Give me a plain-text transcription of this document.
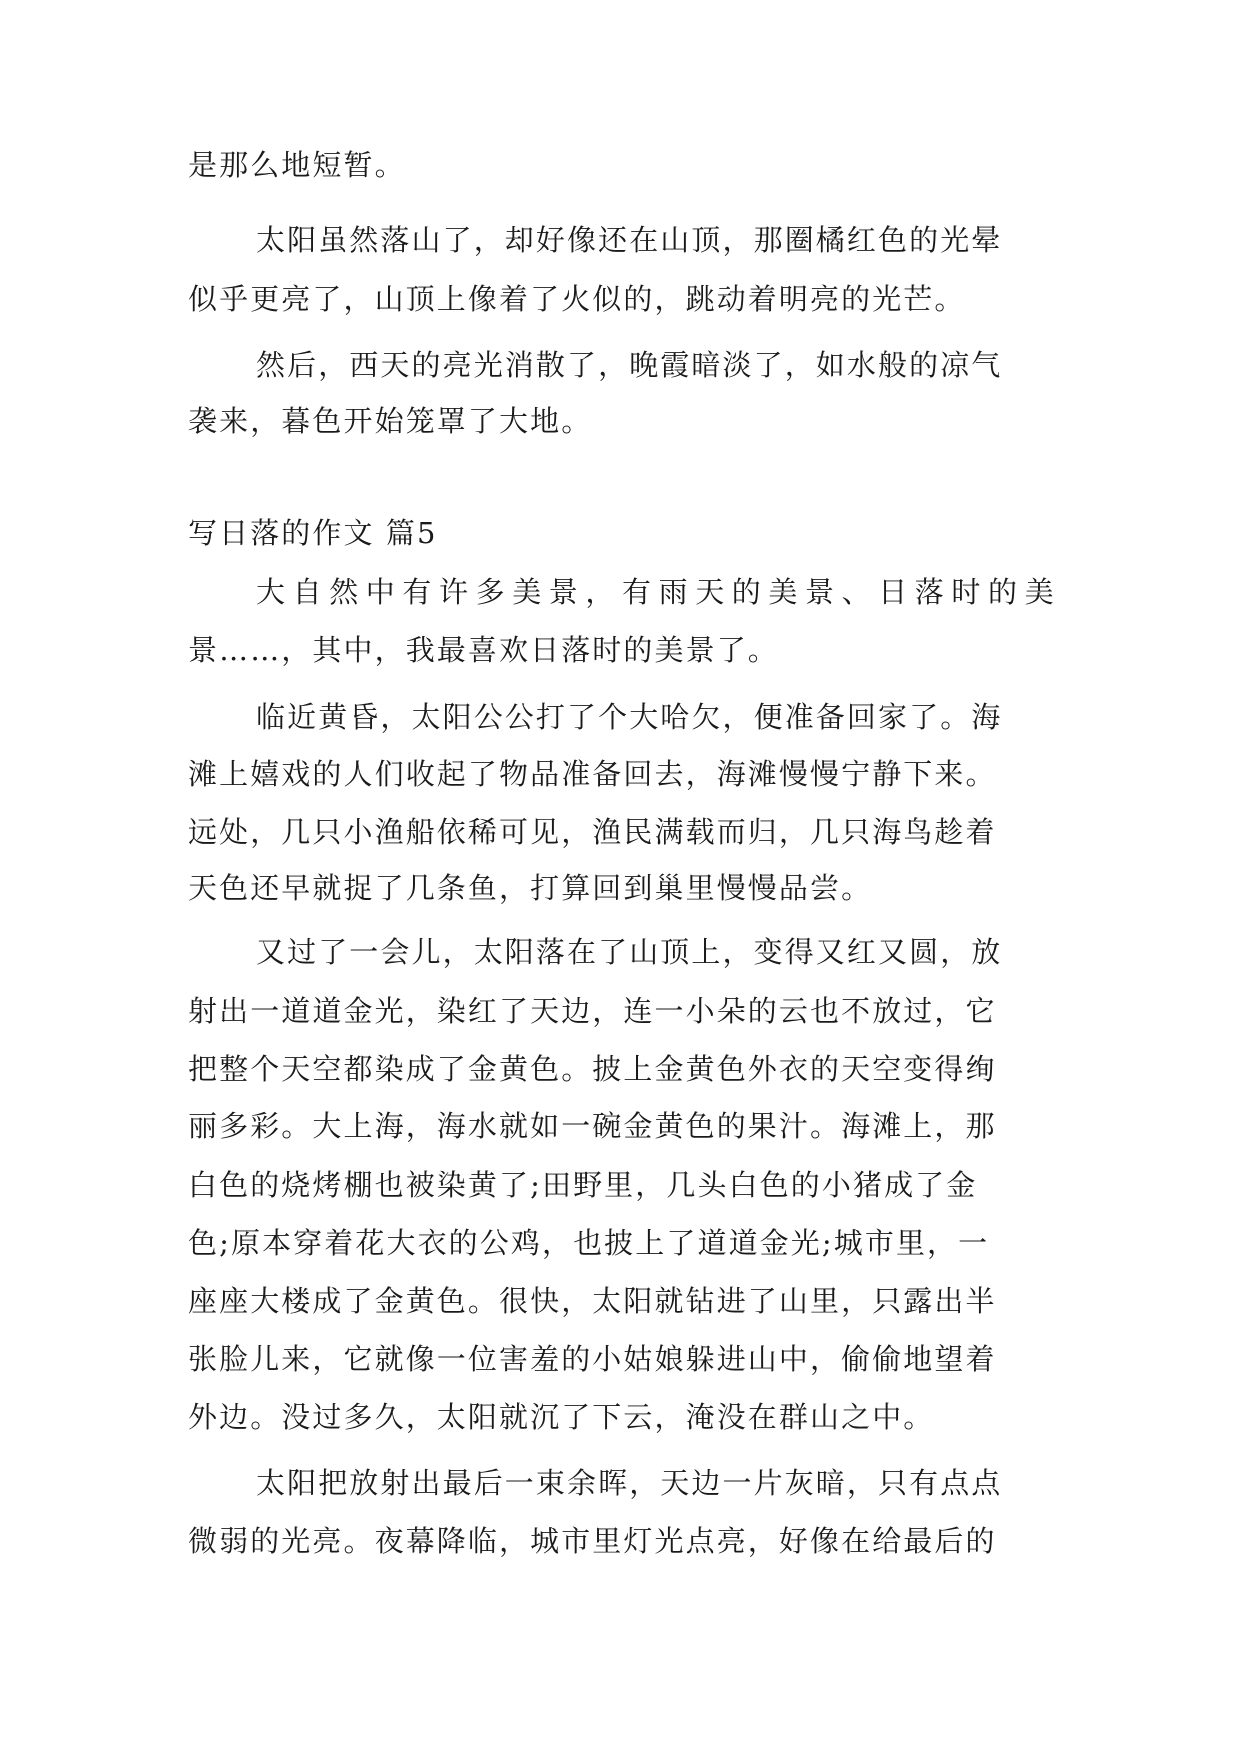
是那么地短暂。
太阳虽然落山了，却好像还在山顶，那圈橘红色的光晕
似乎更亮了，山顶上像着了火似的，跳动着明亮的光芒。
然后，西天的亮光消散了，晚霞暗淡了，如水般的凉气
袭来，暮色开始笼罩了大地。
写日落的作文 篇5
大自然中有许多美景，有雨天的美景、日落时的美
景……，其中，我最喜欢日落时的美景了。
临近黄昏，太阳公公打了个大哈欠，便准备回家了。海
滩上嬉戏的人们收起了物品准备回去，海滩慢慢宁静下来。
远处，几只小渔船依稀可见，渔民满载而归，几只海鸟趁着
天色还早就捉了几条鱼，打算回到巢里慢慢品尝。
又过了一会儿，太阳落在了山顶上，变得又红又圆，放
射出一道道金光，染红了天边，连一小朵的云也不放过，它
把整个天空都染成了金黄色。披上金黄色外衣的天空变得绚
丽多彩。大上海，海水就如一碗金黄色的果汁。海滩上，那
白色的烧烤棚也被染黄了;田野里，几头白色的小猪成了金
色;原本穿着花大衣的公鸡，也披上了道道金光;城市里，一
座座大楼成了金黄色。很快，太阳就钻进了山里，只露出半
张脸儿来，它就像一位害羞的小姑娘躲进山中，偷偷地望着
外边。没过多久，太阳就沉了下云，淹没在群山之中。
太阳把放射出最后一束余晖，天边一片灰暗，只有点点
微弱的光亮。夜幕降临，城市里灯光点亮，好像在给最后的
